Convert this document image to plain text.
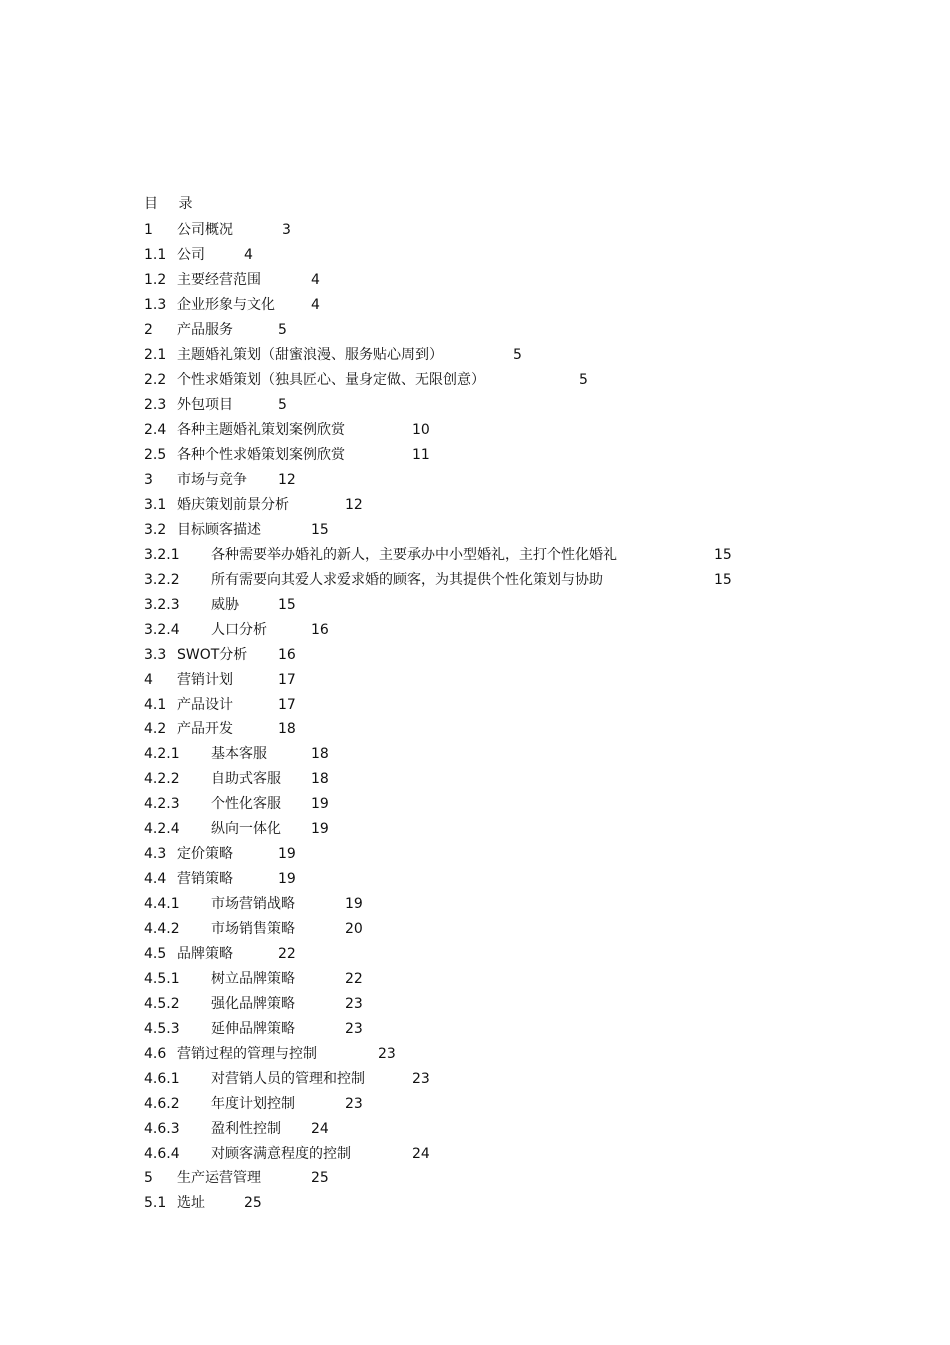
目 录
1 公司概况	3
1.1 公司	4
1.2 主要经营范围	4
1.3 企业形象与文化	4
2 产品服务	5
2.1 主题婚礼策划（甜蜜浪漫、服务贴心周到）	5
2.2 个性求婚策划（独具匠心、量身定做、无限创意）	5
2.3 外包项目	5
2.4 各种主题婚礼策划案例欣赏	10
2.5 各种个性求婚策划案例欣赏	11
3 市场与竞争 12
3.1 婚庆策划前景分析	12
3.2 目标顾客描述	15
3.2.1 各种需要举办婚礼的新人，主要承办中小型婚礼，主打个性化婚礼	15
3.2.2 所有需要向其爱人求爱求婚的顾客，为其提供个性化策划与协助	15
3.2.3 威胁	15
3.2.4 人口分析	16
3.3 SWOT分析 16
4 营销计划	17
4.1 产品设计	17
4.2 产品开发	18
4.2.1 基本客服	18
4.2.2 自助式客服 18
4.2.3 个性化客服 19
4.2.4 纵向一体化 19
4.3 定价策略	19
4.4 营销策略	19
4.4.1 市场营销战略	19
4.4.2 市场销售策略	20
4.5 品牌策略	22
4.5.1 树立品牌策略	22
4.5.2 强化品牌策略	23
4.5.3 延伸品牌策略	23
4.6 营销过程的管理与控制	23
4.6.1 对营销人员的管理和控制	23
4.6.2 年度计划控制	23
4.6.3 盈利性控制 24
4.6.4 对顾客满意程度的控制	24
5 生产运营管理	25
5.1 选址	25
